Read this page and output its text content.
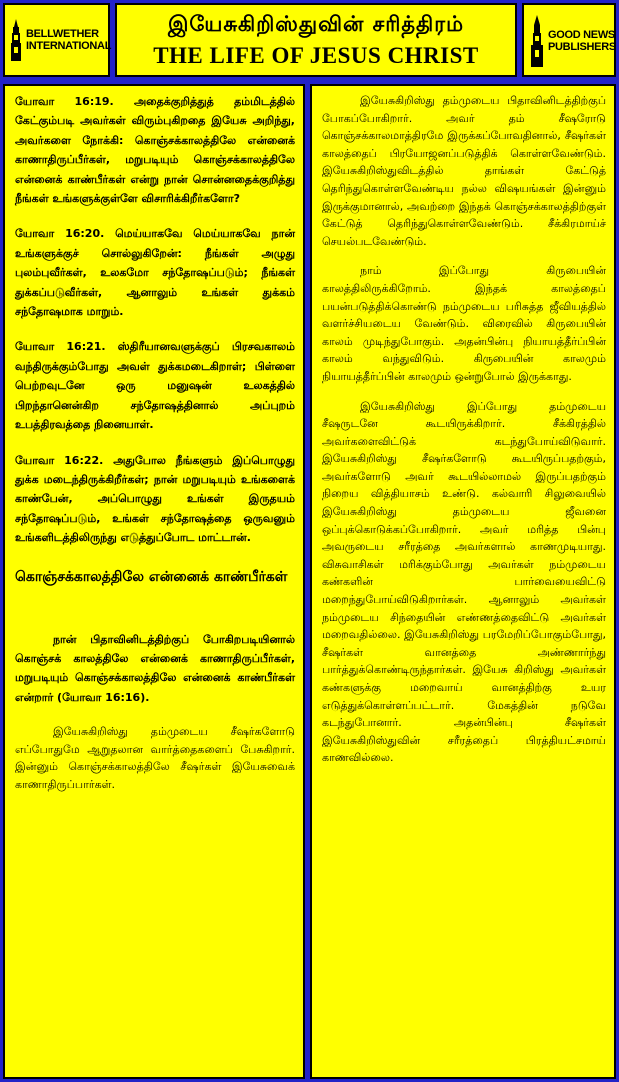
BELLWETHER
INTERNATIONAL
இயேசுகிறிஸ்துவின் சரித்திரம்
THE LIFE OF JESUS CHRIST
GOOD NEWS
PUBLISHERS

யோவா 16:19. அதைக்குறித்துத் தம்மிடத்தில் கேட்கும்படி அவர்கள் விரும்புகிறதை இயேசு அறிந்து, அவர்களை நோக்கி: கொஞ்சக்காலத்திலே என்னைக் காணாதிருப்பீர்கள், மறுபடியும் கொஞ்சக்காலத்திலே என்னைக் காண்பீர்கள் என்று நான் சொன்னதைக்குறித்து நீங்கள் உங்களுக்குள்ளே விசாரிக்கிறீர்களோ?

யோவா 16:20. மெய்யாகவே மெய்யாகவே நான் உங்களுக்குச் சொல்லுகிறேன்: நீங்கள் அழுது புலம்புவீர்கள், உலகமோ சந்தோஷப்படும்; நீங்கள் துக்கப்படுவீர்கள், ஆனாலும் உங்கள் துக்கம் சந்தோஷமாக மாறும்.

யோவா 16:21. ஸ்திரீயானவளுக்குப் பிரசவகாலம் வந்திருக்கும்போது அவள் துக்கமடைகிறாள்; பிள்ளை பெற்றவுடனே ஒரு மனுஷன் உலகத்தில் பிறந்தானென்கிற சந்தோஷத்தினால் அப்புறம் உபத்திரவத்தை நினையாள்.

யோவா 16:22. அதுபோல நீங்களும் இப்பொழுது துக்க மடைந்திருக்கிறீர்கள்; நான் மறுபடியும் உங்களைக் காண்பேன், அப்பொழுது உங்கள் இருதயம் சந்தோஷப்படும், உங்கள் சந்தோஷத்தை ஒருவனும் உங்களிடத்திலிருந்து எடுத்துப்போட மாட்டான்.

கொஞ்சக்காலத்திலே என்னைக் காண்பீர்கள்

நான் பிதாவினிடத்திற்குப் போகிறபடியினால் கொஞ்சக் காலத்திலே என்னைக் காணாதிருப்பீர்கள், மறுபடியும் கொஞ்சக்காலத்திலே என்னைக் காண்பீர்கள் என்றார் (யோவா 16:16).

இயேசுகிறிஸ்து தம்முடைய சீஷர்களோடு எப்போதுமே ஆறுதலான வார்த்தைகளைப் பேசுகிறார். இன்னும் கொஞ்சக்காலத்திலே சீஷர்கள் இயேசுவைக் காணாதிருப்பார்கள்.

இயேசுகிறிஸ்து தம்முடைய பிதாவினிடத்திற்குப் போகப்போகிறார். அவர் தம் சீஷரோடு கொஞ்சக்காலமாத்திரமே இருக்கப்போவதினால், சீஷர்கள் காலத்தைப் பிரயோஜனப்படுத்திக் கொள்ளவேண்டும். இயேசுகிறிஸ்துவிடத்தில் தாங்கள் கேட்டுத் தெரிந்துகொள்ளவேண்டிய நல்ல விஷயங்கள் இன்னும் இருக்குமானால், அவற்றை இந்தக் கொஞ்சக்காலத்திற்குள் கேட்டுத் தெரிந்துகொள்ளவேண்டும். சீக்கிரமாய்ச் செயல்படவேண்டும்.

நாம் இப்போது கிருபையின் காலத்திலிருக்கிறோம். இந்தக் காலத்தைப் பயன்படுத்திக்கொண்டு நம்முடைய பரிசுத்த ஜீவியத்தில் வளர்ச்சியடைய வேண்டும். விரைவில் கிருபையின் காலம் முடிந்துபோகும். அதன்பின்பு நியாயத்தீர்ப்பின் காலம் வந்துவிடும். கிருபையின் காலமும் நியாயத்தீர்ப்பின் காலமும் ஒன்றுபோல் இருக்காது.

இயேசுகிறிஸ்து இப்போது தம்முடைய சீஷருடனே கூடயிருக்கிறார். சீக்கிரத்தில் அவர்களைவிட்டுக் கடந்துபோய்விடுவார். இயேசுகிறிஸ்து சீஷர்களோடு கூடயிருப்பதற்கும், அவர்களோடு அவர் கூடயில்லாமல் இருப்பதற்கும் நிறைய வித்தியாசம் உண்டு. கல்வாரி சிலுவையில் இயேசுகிறிஸ்து தம்முடைய ஜீவனை ஒப்புக்கொடுக்கப்போகிறார். அவர் மரித்த பின்பு அவருடைய சரீரத்தை அவர்களால் காணமுடியாது. விசுவாசிகள் மரிக்கும்போது அவர்கள் நம்முடைய கண்களின் பார்வையைவிட்டு மறைந்துபோய்விடுகிறார்கள். ஆனாலும் அவர்கள் நம்முடைய சிந்தையின் எண்ணத்தைவிட்டு அவர்கள் மறைவதில்லை. இயேசுகிறிஸ்து பரமேறிப்போகும்போது, சீஷர்கள் வானத்தை அண்ணார்ந்து பார்த்துக்கொண்டிருந்தார்கள். இயேசு கிறிஸ்து அவர்கள் கண்களுக்கு மறைவாய் வானத்திற்கு உயர எடுத்துக்கொள்ளப்பட்டார். மேகத்தின் நடுவே கடந்துபோனார். அதன்பின்பு சீஷர்கள் இயேசுகிறிஸ்துவின் சரீரத்தைப் பிரத்தியட்சமாய் காணவில்லை.
